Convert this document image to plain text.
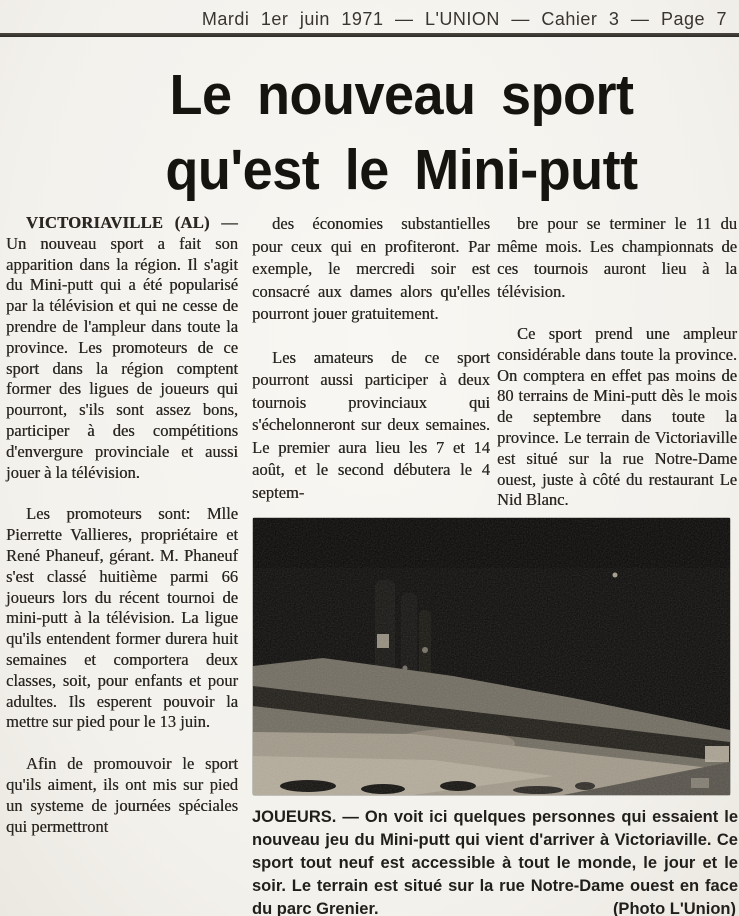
Mardi 1er juin 1971 — L'UNION — Cahier 3 — Page 7
Le nouveau sport
qu'est le Mini-putt

VICTORIAVILLE (AL) — Un nouveau sport a fait son apparition dans la région. Il s'agit du Mini-putt qui a été popularisé par la télévision et qui ne cesse de prendre de l'ampleur dans toute la province. Les promoteurs de ce sport dans la région comptent former des ligues de joueurs qui pourront, s'ils sont assez bons, participer à des compétitions d'envergure provinciale et aussi jouer à la télévision.

Les promoteurs sont: Mlle Pierrette Vallieres, propriétaire et René Phaneuf, gérant. M. Phaneuf s'est classé huitième parmi 66 joueurs lors du récent tournoi de mini-putt à la télévision. La ligue qu'ils entendent former durera huit semaines et comportera deux classes, soit, pour enfants et pour adultes. Ils esperent pouvoir la mettre sur pied pour le 13 juin.

Afin de promouvoir le sport qu'ils aiment, ils ont mis sur pied un systeme de journées spéciales qui permettront

des économies substantielles pour ceux qui en profiteront. Par exemple, le mercredi soir est consacré aux dames alors qu'elles pourront jouer gratuitement.

Les amateurs de ce sport pourront aussi participer à deux tournois provinciaux qui s'échelonneront sur deux semaines. Le premier aura lieu les 7 et 14 août, et le second débutera le 4 septem-

bre pour se terminer le 11 du même mois. Les championnats de ces tournois auront lieu à la télévision.

Ce sport prend une ampleur considérable dans toute la province. On comptera en effet pas moins de 80 terrains de Mini-putt dès le mois de septembre dans toute la province. Le terrain de Victoriaville est situé sur la rue Notre-Dame ouest, juste à côté du restaurant Le Nid Blanc.

JOUEURS. — On voit ici quelques personnes qui essaient le nouveau jeu du Mini-putt qui vient d'arriver à Victoriaville. Ce sport tout neuf est accessible à tout le monde, le jour et le soir. Le terrain est situé sur la rue Notre-Dame ouest en face du parc Grenier.	(Photo L'Union)
